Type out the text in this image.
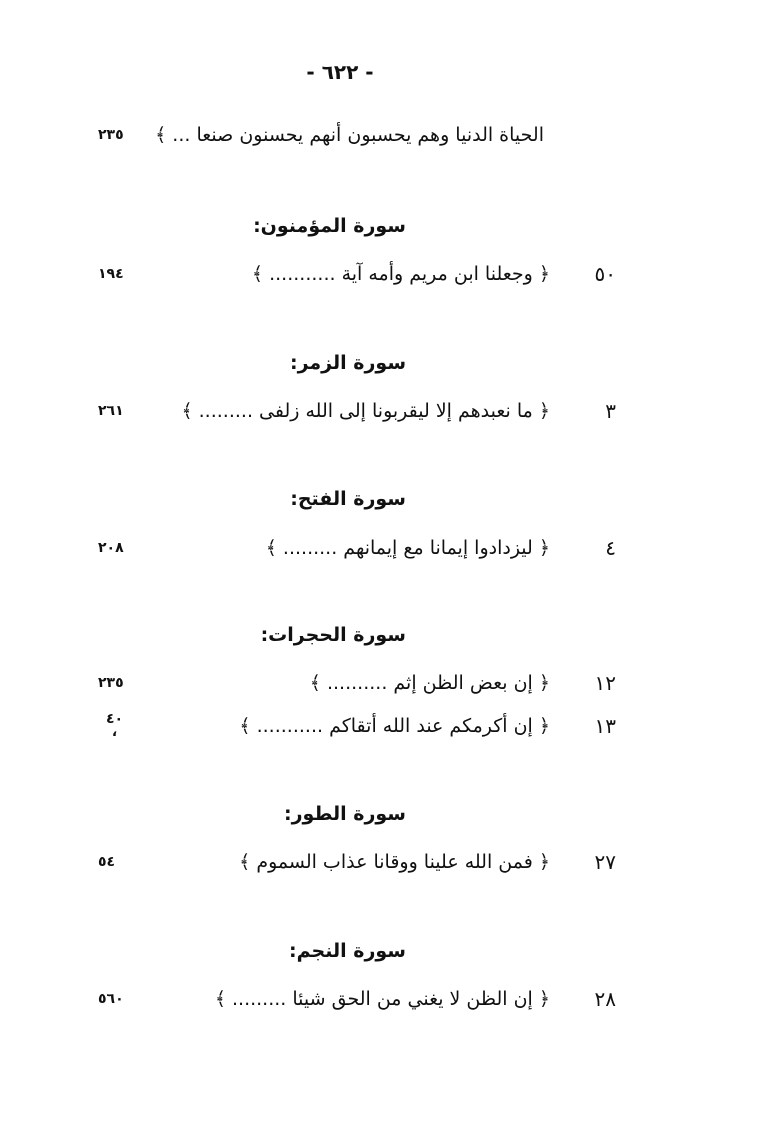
- ٦٢٢ -
الحياة الدنيا وهم يحسبون أنهم يحسنون صنعا ... ﴾
٢٣٥
سورة المؤمنون:
٥٠
﴿ وجعلنا ابن مريم وأمه آية ........... ﴾
١٩٤
سورة الزمر:
٣
﴿ ما نعبدهم إلا ليقربونا إلى الله زلفى ......... ﴾
٢٦١
سورة الفتح:
٤
﴿ ليزدادوا إيمانا مع إيمانهم ......... ﴾
٢٠٨
سورة الحجرات:
١٢
﴿ إن بعض الظن إثم .......... ﴾
٢٣٥
١٣
﴿ إن أكرمكم عند الله أتقاكم ........... ﴾
٤٠
،
سورة الطور:
٢٧
﴿ فمن الله علينا ووقانا عذاب السموم ﴾
٥٤
سورة النجم:
٢٨
﴿ إن الظن لا يغني من الحق شيئا ......... ﴾
٥٦٠
